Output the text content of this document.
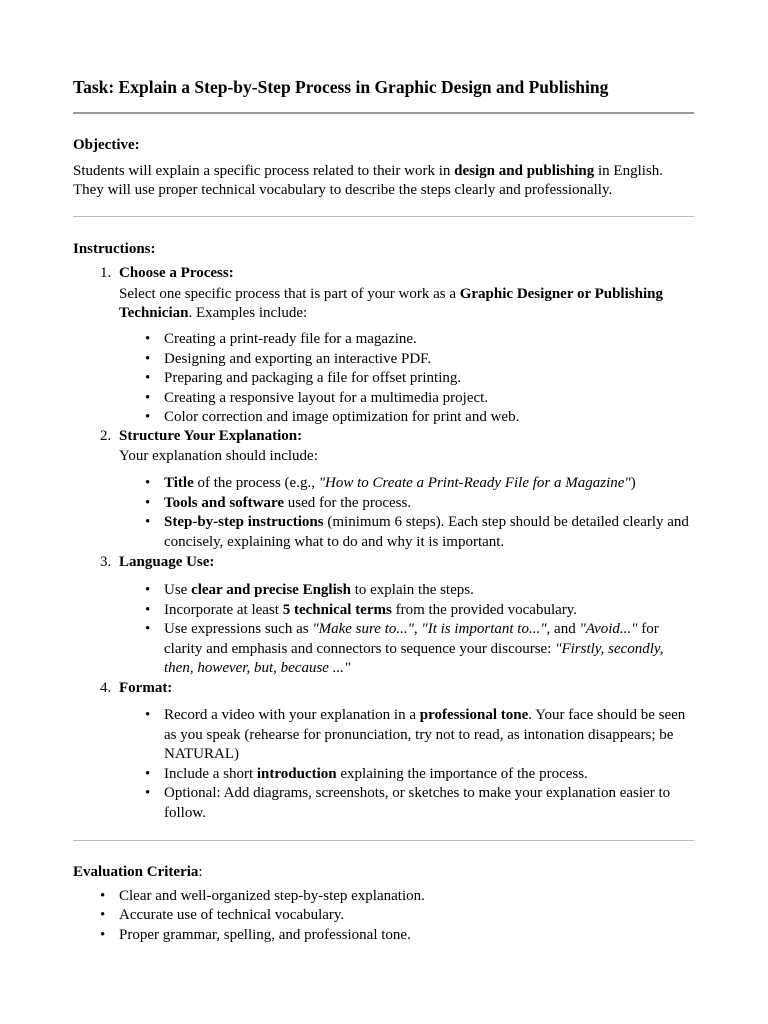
Task: Explain a Step-by-Step Process in Graphic Design and Publishing

Objective:

Students will explain a specific process related to their work in design and publishing in English. They will use proper technical vocabulary to describe the steps clearly and professionally.

Instructions:

1. Choose a Process:
Select one specific process that is part of your work as a Graphic Designer or Publishing Technician. Examples include:
• Creating a print-ready file for a magazine.
• Designing and exporting an interactive PDF.
• Preparing and packaging a file for offset printing.
• Creating a responsive layout for a multimedia project.
• Color correction and image optimization for print and web.
2. Structure Your Explanation:
Your explanation should include:
• Title of the process (e.g., "How to Create a Print-Ready File for a Magazine")
• Tools and software used for the process.
• Step-by-step instructions (minimum 6 steps). Each step should be detailed clearly and concisely, explaining what to do and why it is important.
3. Language Use:
• Use clear and precise English to explain the steps.
• Incorporate at least 5 technical terms from the provided vocabulary.
• Use expressions such as "Make sure to...", "It is important to...", and "Avoid..." for clarity and emphasis and connectors to sequence your discourse: "Firstly, secondly, then, however, but, because ..."
4. Format:
• Record a video with your explanation in a professional tone. Your face should be seen as you speak (rehearse for pronunciation, try not to read, as intonation disappears; be NATURAL)
• Include a short introduction explaining the importance of the process.
• Optional: Add diagrams, screenshots, or sketches to make your explanation easier to follow.

Evaluation Criteria:

• Clear and well-organized step-by-step explanation.
• Accurate use of technical vocabulary.
• Proper grammar, spelling, and professional tone.
